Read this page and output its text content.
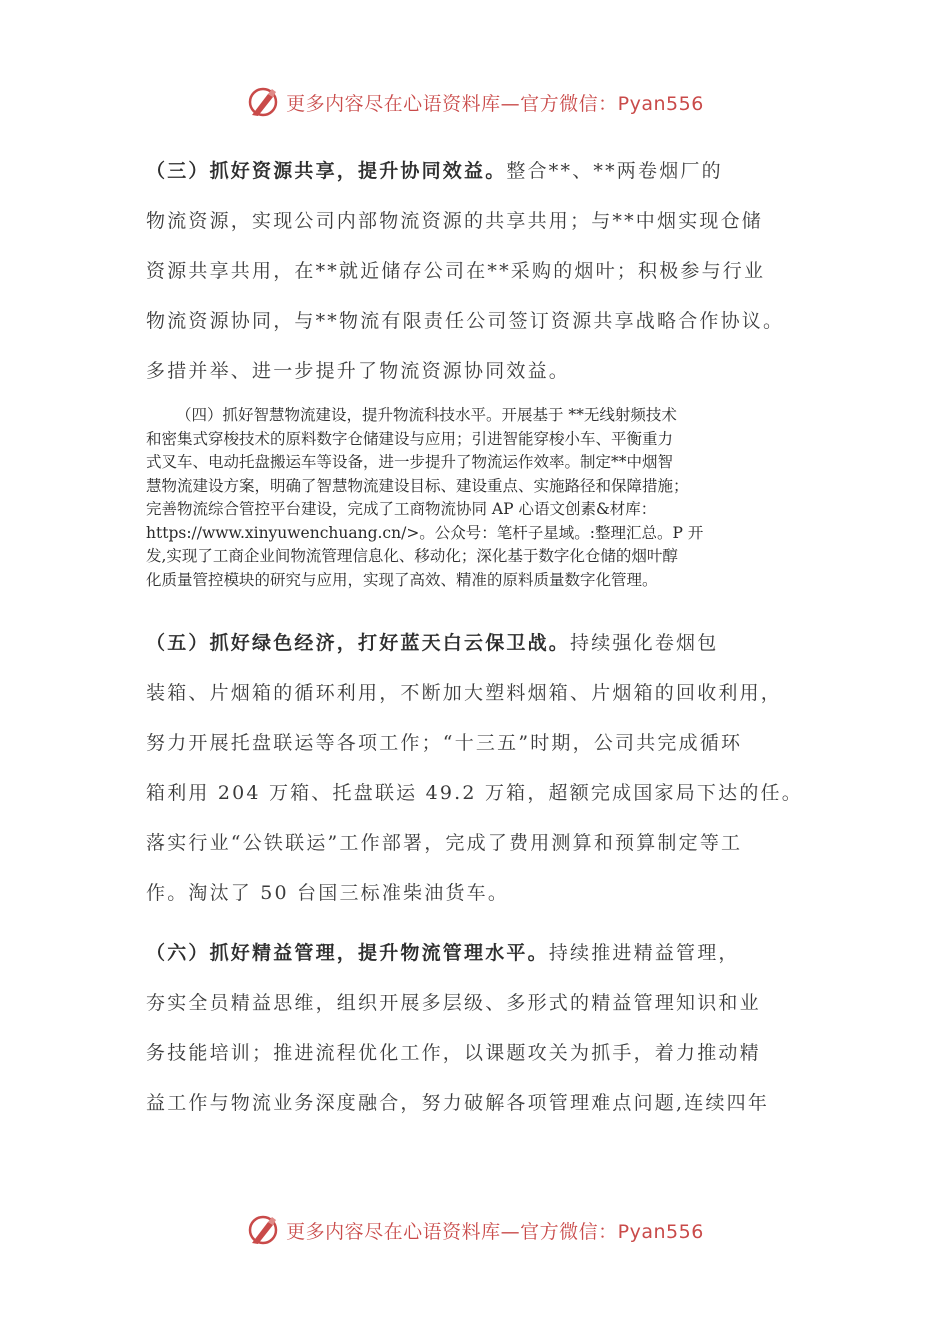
更多内容尽在心语资料库—官方微信：Pyan556
（三）抓好资源共享，提升协同效益。整合**、**两卷烟厂的
物流资源，实现公司内部物流资源的共享共用；与**中烟实现仓储
资源共享共用，在**就近储存公司在**采购的烟叶；积极参与行业
物流资源协同，与**物流有限责任公司签订资源共享战略合作协议。
多措并举、进一步提升了物流资源协同效益。
（四）抓好智慧物流建设，提升物流科技水平。开展基于 **无线射频技术
和密集式穿梭技术的原料数字仓储建设与应用；引进智能穿梭小车、平衡重力
式叉车、电动托盘搬运车等设备，进一步提升了物流运作效率。制定**中烟智
慧物流建设方案，明确了智慧物流建设目标、建设重点、实施路径和保障措施；
完善物流综合管控平台建设，完成了工商物流协同 AP 心语文创素&材库：
https://www.xinyuwenchuang.cn/>。公众号：笔杆子星域。:整理汇总。P 开
发,实现了工商企业间物流管理信息化、移动化；深化基于数字化仓储的烟叶醇
化质量管控模块的研究与应用，实现了高效、精准的原料质量数字化管理。
（五）抓好绿色经济，打好蓝天白云保卫战。持续强化卷烟包
装箱、片烟箱的循环利用，不断加大塑料烟箱、片烟箱的回收利用，
努力开展托盘联运等各项工作；“十三五”时期，公司共完成循环
箱利用 204 万箱、托盘联运 49.2 万箱，超额完成国家局下达的任。
落实行业“公铁联运”工作部署，完成了费用测算和预算制定等工
作。淘汰了 50 台国三标准柴油货车。
（六）抓好精益管理，提升物流管理水平。持续推进精益管理，
夯实全员精益思维，组织开展多层级、多形式的精益管理知识和业
务技能培训；推进流程优化工作，以课题攻关为抓手，着力推动精
益工作与物流业务深度融合，努力破解各项管理难点问题,连续四年
更多内容尽在心语资料库—官方微信：Pyan556
